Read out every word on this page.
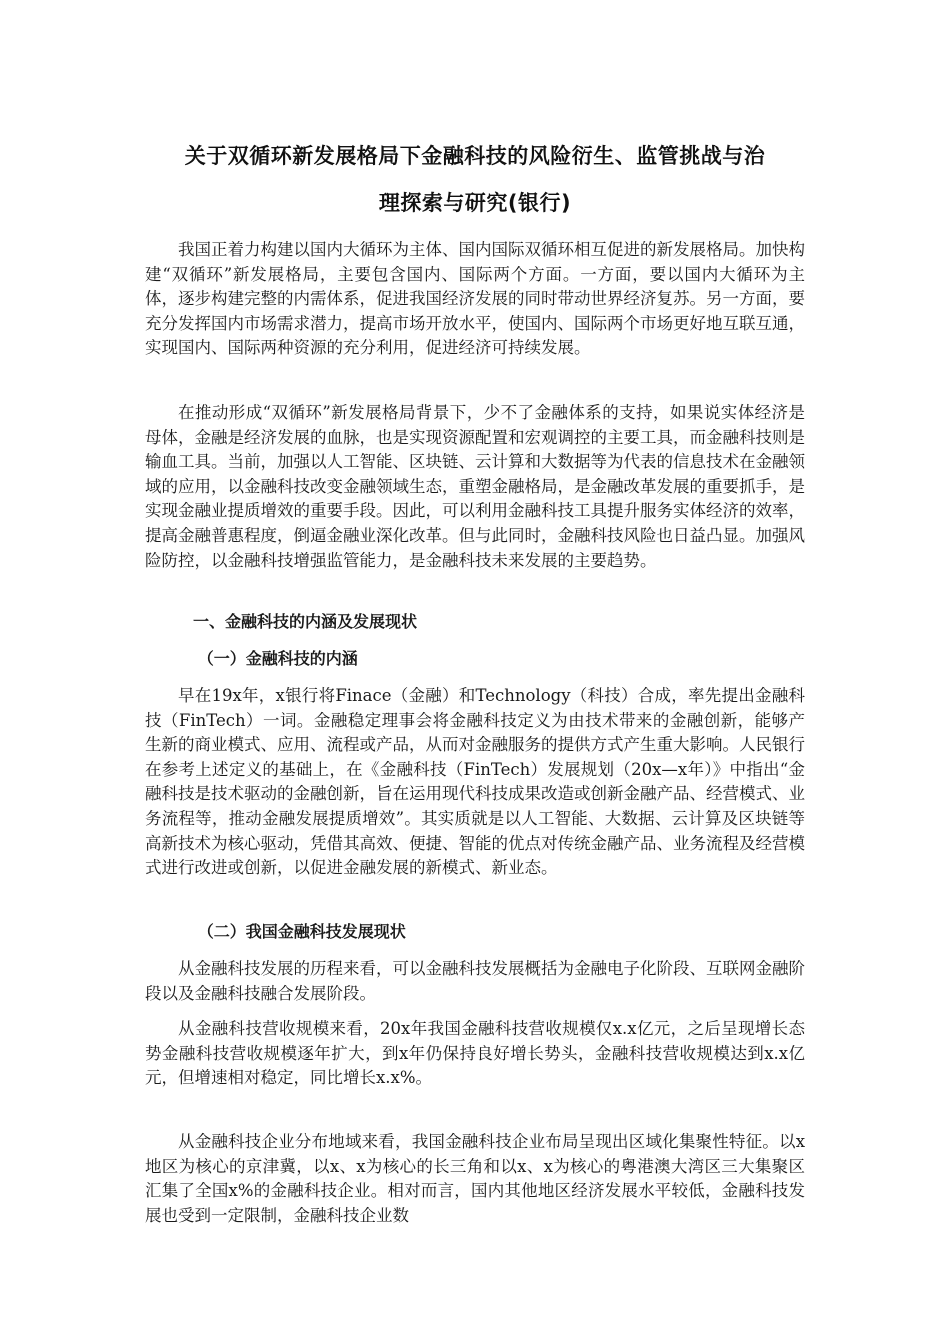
关于双循环新发展格局下金融科技的风险衍生、监管挑战与治
理探索与研究(银行)

我国正着力构建以国内大循环为主体、国内国际双循环相互促进的新发展格局。加快构建“双循环”新发展格局，主要包含国内、国际两个方面。一方面，要以国内大循环为主体，逐步构建完整的内需体系，促进我国经济发展的同时带动世界经济复苏。另一方面，要充分发挥国内市场需求潜力，提高市场开放水平，使国内、国际两个市场更好地互联互通，实现国内、国际两种资源的充分利用，促进经济可持续发展。

在推动形成“双循环”新发展格局背景下，少不了金融体系的支持，如果说实体经济是母体，金融是经济发展的血脉，也是实现资源配置和宏观调控的主要工具，而金融科技则是输血工具。当前，加强以人工智能、区块链、云计算和大数据等为代表的信息技术在金融领域的应用，以金融科技改变金融领域生态，重塑金融格局，是金融改革发展的重要抓手，是实现金融业提质增效的重要手段。因此，可以利用金融科技工具提升服务实体经济的效率，提高金融普惠程度，倒逼金融业深化改革。但与此同时，金融科技风险也日益凸显。加强风险防控，以金融科技增强监管能力，是金融科技未来发展的主要趋势。

一、金融科技的内涵及发展现状
（一）金融科技的内涵

早在19x年，x银行将Finace（金融）和Technology（科技）合成，率先提出金融科技（FinTech）一词。金融稳定理事会将金融科技定义为由技术带来的金融创新，能够产生新的商业模式、应用、流程或产品，从而对金融服务的提供方式产生重大影响。人民银行在参考上述定义的基础上，在《金融科技（FinTech）发展规划（20x—x年）》中指出“金融科技是技术驱动的金融创新，旨在运用现代科技成果改造或创新金融产品、经营模式、业务流程等，推动金融发展提质增效”。其实质就是以人工智能、大数据、云计算及区块链等高新技术为核心驱动，凭借其高效、便捷、智能的优点对传统金融产品、业务流程及经营模式进行改进或创新，以促进金融发展的新模式、新业态。

（二）我国金融科技发展现状

从金融科技发展的历程来看，可以金融科技发展概括为金融电子化阶段、互联网金融阶段以及金融科技融合发展阶段。

从金融科技营收规模来看，20x年我国金融科技营收规模仅x.x亿元，之后呈现增长态势金融科技营收规模逐年扩大，到x年仍保持良好增长势头，金融科技营收规模达到x.x亿元，但增速相对稳定，同比增长x.x%。

从金融科技企业分布地域来看，我国金融科技企业布局呈现出区域化集聚性特征。以x地区为核心的京津冀，以x、x为核心的长三角和以x、x为核心的粤港澳大湾区三大集聚区汇集了全国x%的金融科技企业。相对而言，国内其他地区经济发展水平较低，金融科技发展也受到一定限制，金融科技企业数
